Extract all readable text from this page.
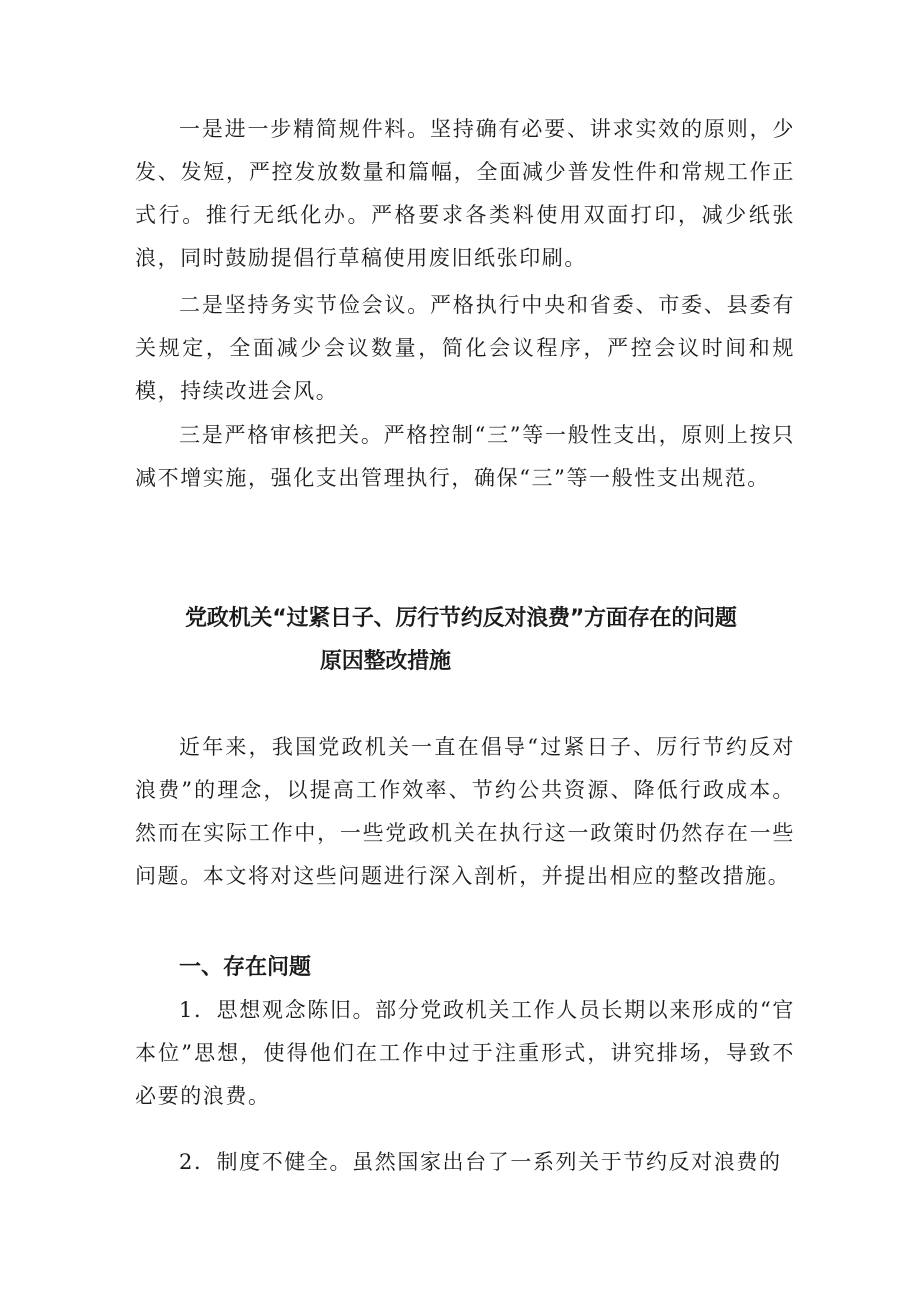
一是进一步精简规件料。坚持确有必要、讲求实效的原则，少发、发短，严控发放数量和篇幅，全面减少普发性件和常规工作正式行。推行无纸化办。严格要求各类料使用双面打印，减少纸张浪，同时鼓励提倡行草稿使用废旧纸张印刷。

二是坚持务实节俭会议。严格执行中央和省委、市委、县委有关规定，全面减少会议数量，简化会议程序，严控会议时间和规模，持续改进会风。

三是严格审核把关。严格控制“三”等一般性支出，原则上按只减不增实施，强化支出管理执行，确保“三”等一般性支出规范。

党政机关“过紧日子、厉行节约反对浪费”方面存在的问题
原因整改措施

近年来，我国党政机关一直在倡导“过紧日子、厉行节约反对浪费”的理念，以提高工作效率、节约公共资源、降低行政成本。然而在实际工作中，一些党政机关在执行这一政策时仍然存在一些问题。本文将对这些问题进行深入剖析，并提出相应的整改措施。

一、存在问题

1．思想观念陈旧。部分党政机关工作人员长期以来形成的“官本位”思想，使得他们在工作中过于注重形式，讲究排场，导致不必要的浪费。

2．制度不健全。虽然国家出台了一系列关于节约反对浪费的
